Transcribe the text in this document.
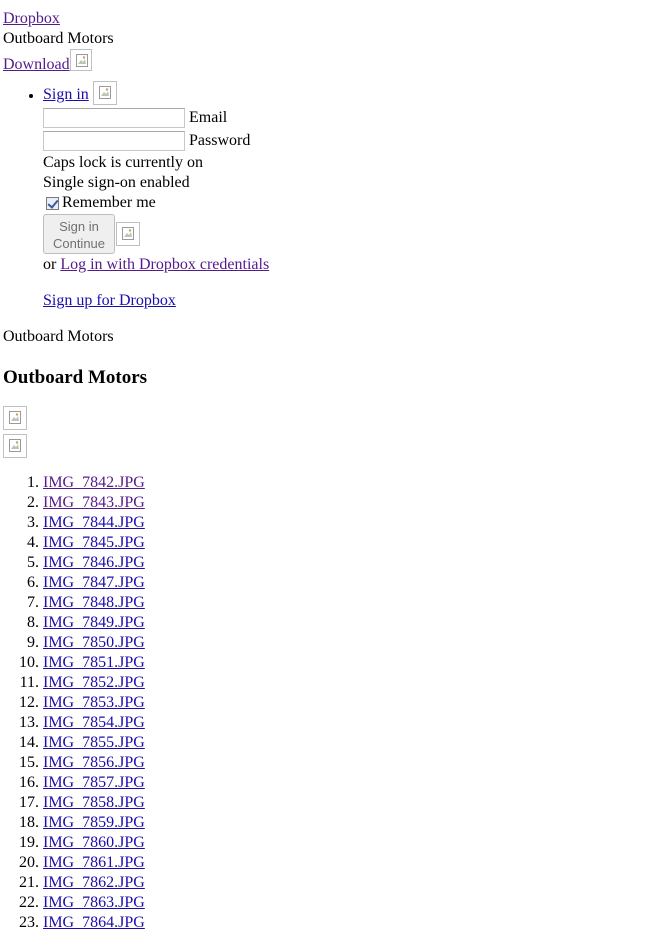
Dropbox
Outboard Motors
Download
• Sign in
Email
Password
Caps lock is currently on
Single sign-on enabled
Remember me
Sign in
Continue
or Log in with Dropbox credentials
Sign up for Dropbox
Outboard Motors
Outboard Motors
1. IMG_7842.JPG
2. IMG_7843.JPG
3. IMG_7844.JPG
4. IMG_7845.JPG
5. IMG_7846.JPG
6. IMG_7847.JPG
7. IMG_7848.JPG
8. IMG_7849.JPG
9. IMG_7850.JPG
10. IMG_7851.JPG
11. IMG_7852.JPG
12. IMG_7853.JPG
13. IMG_7854.JPG
14. IMG_7855.JPG
15. IMG_7856.JPG
16. IMG_7857.JPG
17. IMG_7858.JPG
18. IMG_7859.JPG
19. IMG_7860.JPG
20. IMG_7861.JPG
21. IMG_7862.JPG
22. IMG_7863.JPG
23. IMG_7864.JPG
